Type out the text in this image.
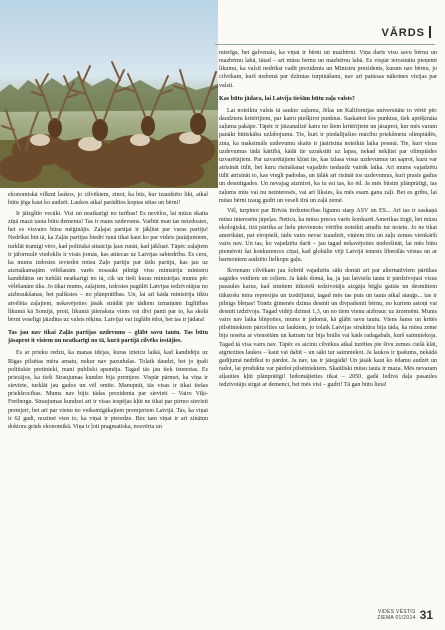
VĀRDS

ekonomiskā vilkmi laukos, jo cilvēkiem, zinot, ka būs, kur izaudzēto likt, atkal būtu jēga kaut ko audzēt. Laukos atkal parādītos koptas sētas un bērni!

Ir jāizglīto vecāki. Visi un neatkarīgi no turības! Es nevēlos, lai mūsu skaita zīņā mazā tauta būtu dementa! Tas ir mans uzdevums. Varbūt man tas neizdosies, bet es visvairs būsu mēģinājis. Zaļajai partijai ir jākļūst par varas partiju! Nedrīkst būt tā, ka Zaļās partijas biedri runā tikai kaut ko par videis jautājumiem, turklāt tramīgi vēro, kad politiskā situācija ļaus runāt, kad jāklusē. Tāpēc zaļajiem ir jāformulē viedoklis ir visās jomās, kas attiecas uz Latvijas sabiedrību. Es ceru, ka mums izdosies ieviedot mūsu Zaļo partiju par tādu partiju, kas jau uz aizmākamajām vēlēšanām varēs nosaukt pilnīgi visu ministriju ministru kandidātus un turklāt neatkarīgi no tā, cik un tieši kuras ministrijas mums pēc vēlēšanām tiks. Jo tikai mums, zaļajiem, izdosies pagūlēt Latvijas iedzīvotājus no aizbraukšanas, bet paliksies – no plānprātības. Un, lai arī kāda ministrija tiktu atvēlēta zaļajiem, nekavējoties jāsāk strādāt pie tādiem izmaiņām Izglītības likumā kā Somijā, proti, likumā jāieraksta viens vai divi panti par to, ka skolā bērni veselīgi jāizdina uz valsts rēķina. Latvijai vai izglābt ēdot, bet tas ir jādara!

Tas jau nav tikai Zaļās partijas uzdevums – glābt savu tautu. Tas būtu jāsaprot it visiem un neatkarīgi no tā, kurā partijā cilvēks iestājies.

Es ar prieku redzu, ka manas idejas, kuras izteicu laikā, kad kandidēju uz Rīgas pilsētas mēra amatu, nekur nav pazudušas. Tolaik daudzi, bet jo īpaši politiskie pretinieki, mani publiski apsmēja. Tagad tās jau tiek īstenotas. Es priecājos, ka tieši Straujumas kundze bija premjere. Vispār pārmet, ka viņa ir sievīete, turklāt jau gados un vēl omīte. Manuprāt, tās visas ir tikai tiešas priekšrocības. Mums nav bijis tādas prezidenta par sievieti – Vairo Viķi-Freibergu. Straujumas kundzei arī ir visas iespējas kļūt ne tikai par pirmo sievieti premjeri, bet arī par vienu no veiksmīgākajiem premjeriem Latvijā. Tas, ka viņai ir 62 gadi, nozīmē vien to, ka viņai ir pieredze. Bez tam viņai ir arī zinātņu doktora grāds ekonomikā. Viņa ir ļoti pragmatiska, nosvērta un

mierīga, bet galvenais, ka viņai ir bērni un mazbērni. Viņa darīs visu savu bērnu un mazbērnu labā, tātad – arī mūsu bērnu un mazbērnu labā. Es vispār ierosinātu pieņemt likumu, ka valstī nedrīkst vadīt prezidents un Ministru prezidents, kuram nav bērnu, jo cilvēkam, kurš nedomā par dzīmtas turpināšanu, nav arī patiesas nākotnes vīzijas par valsti.

Kas būtu jādara, lai Latvija tiešām būtu zaļa valsts?

Lai noteiktu valsts tā saukto zaļumu, Jēlas un Kalifornijas universitāte to vērtē pēc daudziem kritērijiem, par katru piešķirot punktus. Saskaitot šos punktus, tiek aprēķināta zaļuma pakāpe. Tāpēc ir jāizanalizē katrs no šiem kritērijiem un jāsaprot, kur mēs varam panākt būtiskāku uzlabojumu. Tie, kuri ir piedalījušies mācību priekšmetu olimpiādēs, zina, ka maksimāls uzdevumu skaits ir jāatrisina noteiktā laika posmā. Tie, kuri visus uzdevumus tādā kārtībā, kādā tie uzrakstīti uz lapas, nekad nekļūst par olimpiādes uzvarētājiem. Par uzvarētājiem kļūst tie, kas izlasa visus uzdevumus un saprot, kuru var atrisināt tūlīt, bet kuru risināšanai vajadzēs nedaudz vairāk laika. Arī mums vajadzētu tūlīt atrisināt to, kas viegli padodas, un tālāk arī risināt tos uzdevumus, kuri prasīs gadus un desmitgades. Un nevajag aizmirst, ka tu esi tas, ko ēd. Ja mēs būsim plānprātīgi, tas zaļums mūs vai nu neinteresēs, vai arī liksies, ka mēs esam gana zaļi. Bet es gribu, lai mūsu bērni izaug gudri un veseli tīrā un zaļā zemē.

Vēl, turpinot par Brīvās tirdzniecības līgumu starp ASV un ES... Arī tas ir saskaņā mūsu interesēm jāpeļas. Neticu, ka mūsu preces varēs konkurēt Amerikas tirgū, bet mūsu ekoloģiskā, tīrā pārtika ar lielu pievienoto vērtību noteikti atradīs tur noietu. Jo ne tikai amerikāņi, pat eiropieši, tādu vairs nevar izaudzēt, viņiem tīru un zaļu zemes vienkārši vairs nav. Un tas, ko vajadzētu darīt – jau tagad nekavējoties nodrošināt, lai mēs būtu piemēroti šai konkurences cīņai, kad globālie vēji Latvijā ienesīs liberālās vēstas un ar harmoniem audzēto lielkopu gaļu.

Ikvienam cilvēkam jau šobrīd vajadzētu sākt domāt arī par alternatīviem pārtikas sagādes veidiem un ceļiem. Ja kāds domā, ka, ja jau latviešu tauta ir pārdzīvojusi visus pasaules karus, kad simtiem tūkstoši iedzīvotāju aizgāja bēgļu gaitās un desmitiem tūkstošu mira represijās un izsūtījumā, tagad mēs tas puts un tauta atkal atauģs... tas ir pilnīgs blēņas! Tonēz ģimenēs dzīma desmit un divpadsmit bērnu, no kuriem astoņi vai desmit izdzīvoja. Tagad vidēji dzimst 1,3, un no tiem vienu aizbrauc uz ārzemēm. Mums vairs nav laika blēpoties, mums ir jādomā, kā glābt savu tautu. Viens šanss un kritēs pilsētniekiem pārcelties uz laukiem, jo tolaik Latvijas struktūra bija tāda, ka mūsu zeme bija nosēta ar viensētām un katram tur bija brālis vai kāds radagabals, kurš saimniekoja. Tagad tā visa vairs nav. Tāpēc es aicinu cilvēkus atkal turēties pie šīvu zemes ciešā klāt, atgriezties laukos – kaut vai dabīt – un sākt tur saimniekot. Ja laukos ir īpašums, nekādā gadījumā nedrīkst to pārdot. Ja nav, tas ir jāiegādā! Un jāsāk kaut ko ēdamu audzēt un radot, lai produktu var pārdot pilsētniekiem. Skaitliski mūsu tauta ir maza. Mēs nevaram atļauties kļūt plānprātīgi! Iedomājieties tikai – 2050. gadā Iedīvā daļa pasaules iedzīvotāju sirgst ar demenci, bet mēs visi – gudri! Tā gan būtu lieta!

VIDES VĒSTIS
ZIEMA 01/2014 31
